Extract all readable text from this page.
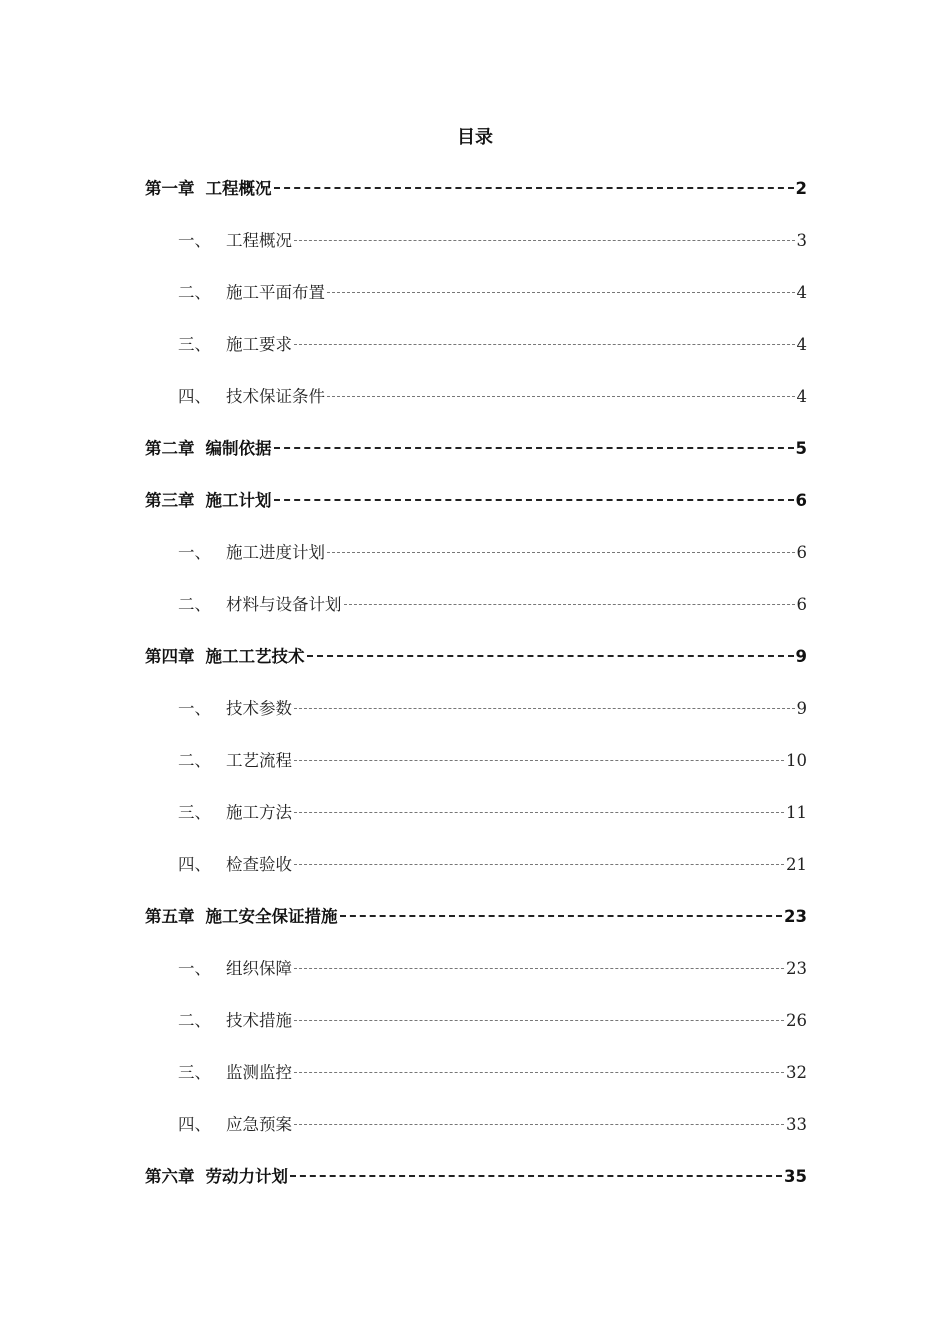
目录
第一章 工程概况	2
一、 工程概况	3
二、 施工平面布置	4
三、 施工要求	4
四、 技术保证条件	4
第二章 编制依据	5
第三章 施工计划	6
一、 施工进度计划	6
二、 材料与设备计划	6
第四章 施工工艺技术	9
一、 技术参数	9
二、 工艺流程	10
三、 施工方法	11
四、 检查验收	21
第五章 施工安全保证措施	23
一、 组织保障	23
二、 技术措施	26
三、 监测监控	32
四、 应急预案	33
第六章 劳动力计划	35
